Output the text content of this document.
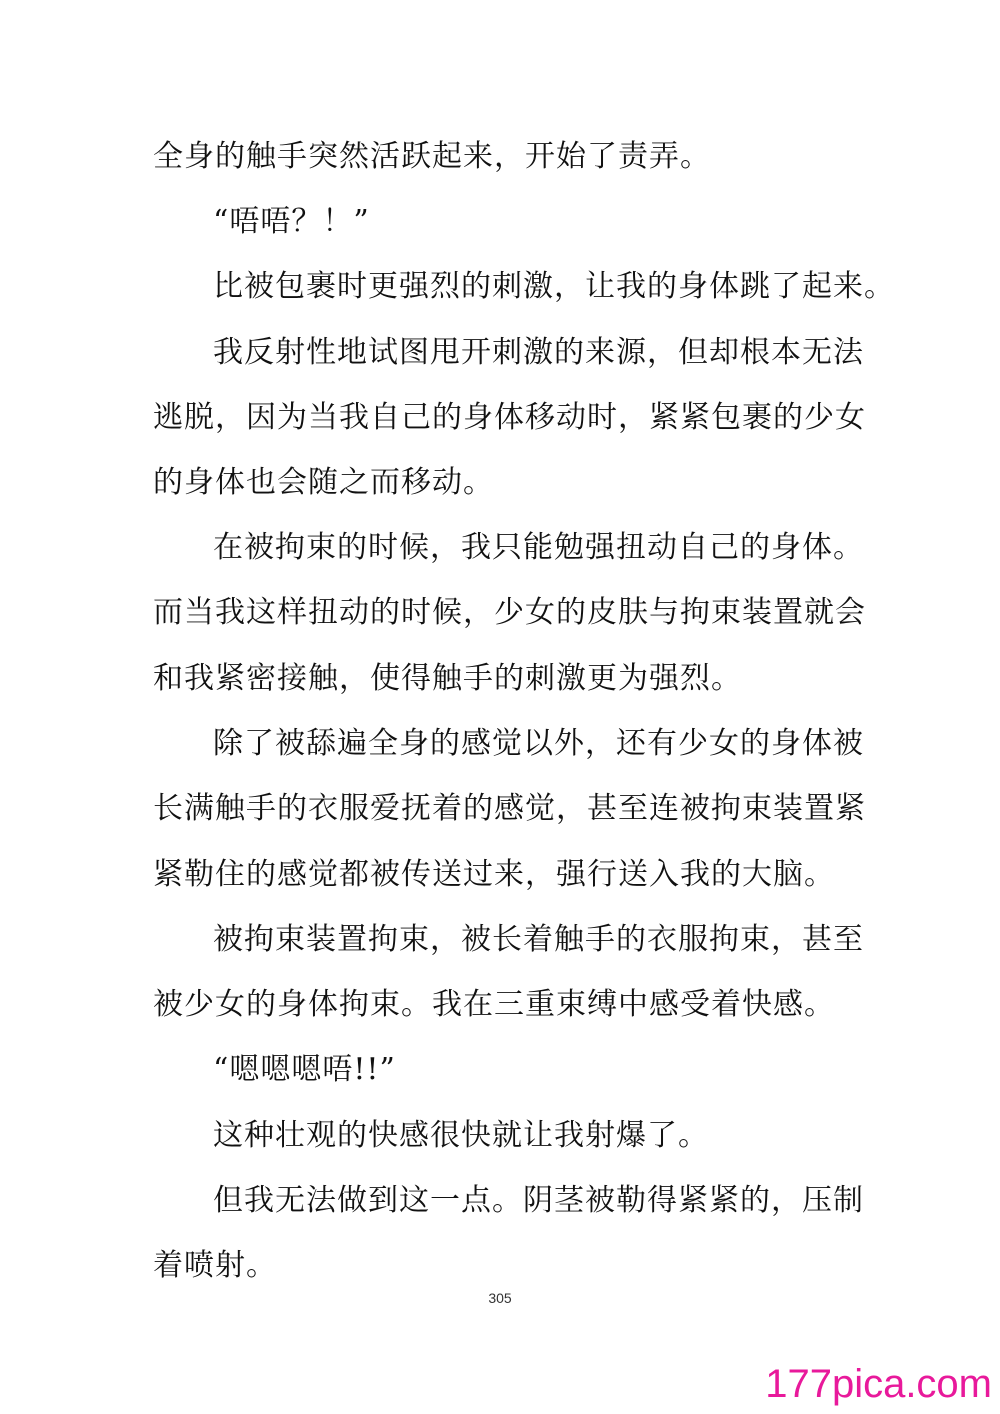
全身的触手突然活跃起来，开始了责弄。
“唔唔？！”
比被包裹时更强烈的刺激，让我的身体跳了起来。
我反射性地试图甩开刺激的来源，但却根本无法
逃脱，因为当我自己的身体移动时，紧紧包裹的少女
的身体也会随之而移动。
在被拘束的时候，我只能勉强扭动自己的身体。
而当我这样扭动的时候，少女的皮肤与拘束装置就会
和我紧密接触，使得触手的刺激更为强烈。
除了被舔遍全身的感觉以外，还有少女的身体被
长满触手的衣服爱抚着的感觉，甚至连被拘束装置紧
紧勒住的感觉都被传送过来，强行送入我的大脑。
被拘束装置拘束，被长着触手的衣服拘束，甚至
被少女的身体拘束。我在三重束缚中感受着快感。
“嗯嗯嗯唔!!”
这种壮观的快感很快就让我射爆了。
但我无法做到这一点。阴茎被勒得紧紧的，压制
着喷射。
305
177pica.com
